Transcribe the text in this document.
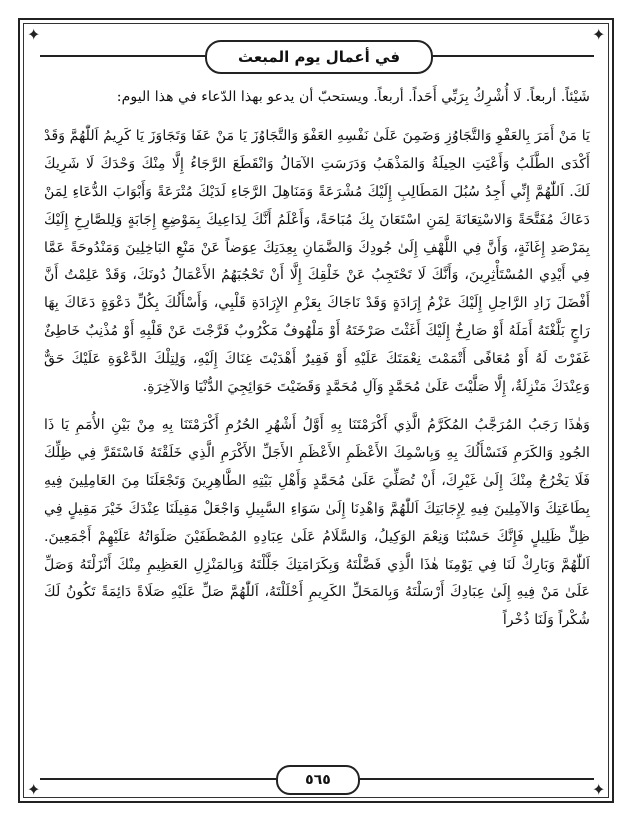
✦	✦
✦	✦
في أعمال يوم المبعث

شَيْئاً. أربعاً. لَا أُشْرِكُ بِرَبِّي أَحَداً. أربعاً. ويستحبّ أن يدعو بهذا الدّعاء في هذا اليوم:

يَا مَنْ أَمَرَ بِالعَفْوِ وَالتَّجَاوُزِ وَضَمِنَ عَلَىٰ نَفْسِهِ العَفْوَ وَالتَّجَاوُزَ يَا مَنْ عَفَا وَتَجَاوَزَ يَا كَرِيمُ اَللّٰهُمَّ وَقَدْ أَكْدَى الطَّلَبُ وَأَعْيَتِ الحِيلَةُ وَالمَذْهَبُ وَدَرَسَتِ الآمَالُ وَانْقَطَعَ الرَّجَاءُ إِلَّا مِنْكَ وَحْدَكَ لَا شَرِيكَ لَكَ. اَللّٰهُمَّ إِنِّي أَجِدُ سُبُلَ المَطَالِبِ إِلَيْكَ مُشْرَعَةً وَمَنَاهِلَ الرَّجَاءِ لَدَيْكَ مُتْرَعَةً وَأَبْوَابَ الدُّعَاءِ لِمَنْ دَعَاكَ مُفَتَّحَةً وَالاسْتِعَانَةَ لِمَنِ اسْتَعَانَ بِكَ مُبَاحَةً، وَأَعْلَمُ أَنَّكَ لِدَاعِيكَ بِمَوْضِعِ إِجَابَةٍ وَلِلصَّارِخِ إِلَيْكَ بِمَرْصَدِ إِغَاثَةٍ، وَأَنَّ فِي اللَّهْفِ إِلَىٰ جُودِكَ وَالضَّمَانِ بِعِدَتِكَ عِوَضاً عَنْ مَنْعِ البَاخِلِينَ وَمَنْدُوحَةً عَمَّا فِي أَيْدِي المُسْتَأْثِرِينَ، وَأَنَّكَ لَا تَحْتَجِبُ عَنْ خَلْقِكَ إِلَّا أَنْ تَحْجُبَهُمُ الأَعْمَالُ دُونَكَ، وَقَدْ عَلِمْتُ أَنَّ أَفْضَلَ زَادِ الرَّاحِلِ إِلَيْكَ عَزْمُ إِرَادَةٍ وَقَدْ نَاجَاكَ بِعَزْمِ الإِرَادَةِ قَلْبِي، وَأَسْأَلُكَ بِكُلِّ دَعْوَةٍ دَعَاكَ بِهَا رَاجٍ بَلَّغْتَهُ أَمَلَهُ أَوْ صَارِخٌ إِلَيْكَ أَغَثْتَ صَرْخَتَهُ أَوْ مَلْهُوفٌ مَكْرُوبٌ فَرَّجْتَ عَنْ قَلْبِهِ أَوْ مُذْنِبٌ خَاطِئٌ غَفَرْتَ لَهُ أَوْ مُعَافًى أَتْمَمْتَ نِعْمَتَكَ عَلَيْهِ أَوْ فَقِيرٌ أَهْدَيْتَ غِنَاكَ إِلَيْهِ، وَلِتِلْكَ الدَّعْوَةِ عَلَيْكَ حَقٌّ وَعِنْدَكَ مَنْزِلَةٌ، إِلَّا صَلَّيْتَ عَلَىٰ مُحَمَّدٍ وَآلِ مُحَمَّدٍ وَقَضَيْتَ حَوَائِجِيَ الدُّنْيَا وَالآخِرَةِ.

وَهٰذَا رَجَبُ المُرَجَّبُ المُكَرَّمُ الَّذِي أَكْرَمْتَنَا بِهِ أَوَّلُ أَشْهُرِ الحُرُمِ أَكْرَمْتَنَا بِهِ مِنْ بَيْنِ الأُمَمِ يَا ذَا الجُودِ وَالكَرَمِ فَنَسْأَلُكَ بِهِ وَبِاسْمِكَ الأَعْظَمِ الأَعْظَمِ الأَجَلِّ الأَكْرَمِ الَّذِي خَلَقْتَهُ فَاسْتَقَرَّ فِي ظِلِّكَ فَلَا يَخْرُجُ مِنْكَ إِلَىٰ غَيْرِكَ، أَنْ تُصَلِّيَ عَلَىٰ مُحَمَّدٍ وَأَهْلِ بَيْتِهِ الطَّاهِرِينَ وَتَجْعَلَنَا مِنَ العَامِلِينَ فِيهِ بِطَاعَتِكَ وَالآمِلِينَ فِيهِ لِإِجَابَتِكَ اَللّٰهُمَّ وَاهْدِنَا إِلَىٰ سَوَاءِ السَّبِيلِ وَاجْعَلْ مَقِيلَنَا عِنْدَكَ خَيْرَ مَقِيلٍ فِي ظِلٍّ ظَلِيلٍ فَإِنَّكَ حَسْبُنَا وَنِعْمَ الوَكِيلُ، وَالسَّلَامُ عَلَىٰ عِبَادِهِ المُصْطَفَيْنَ صَلَوَاتُهُ عَلَيْهِمْ أَجْمَعِينَ. اَللّٰهُمَّ وَبَارِكْ لَنَا فِي يَوْمِنَا هٰذَا الَّذِي فَضَّلْتَهُ وَبِكَرَامَتِكَ جَلَّلْتَهُ وَبِالمَنْزِلِ العَظِيمِ مِنْكَ أَنْزَلْتَهُ وَصَلِّ عَلَىٰ مَنْ فِيهِ إِلَىٰ عِبَادِكَ أَرْسَلْتَهُ وَبِالمَحَلِّ الكَرِيمِ أَحْلَلْتَهُ، اَللّٰهُمَّ صَلِّ عَلَيْهِ صَلَاةً دَائِمَةً تَكُونُ لَكَ شُكْراً وَلَنَا ذُخْراً

٥٦٥
